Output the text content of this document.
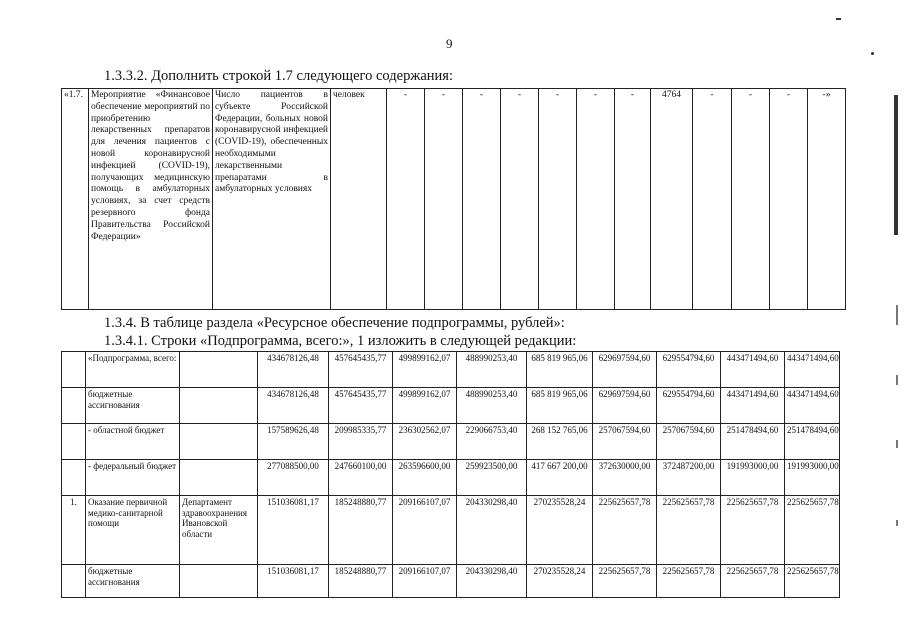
9
1.3.3.2. Дополнить строкой 1.7 следующего содержания:
«1.7.	Мероприятие «Финансовое обеспечение мероприятий по приобретению лекарственных препаратов для лечения пациентов с новой коронавирусной инфекцией (COVID-19), получающих медицинскую помощь в амбулаторных условиях, за счет средств резервного фонда Правительства Российской Федерации»	Число пациентов в субъекте Российской Федерации, больных новой коронавирусной инфекцией (COVID-19), обеспеченных необходимыми лекарственными препаратами в амбулаторных условиях	человек	-	-	-	-	-	-	-	4764	-	-	-	-»
1.3.4. В таблице раздела «Ресурсное обеспечение подпрограммы, рублей»:
1.3.4.1. Строки «Подпрограмма, всего:», 1 изложить в следующей редакции:
	«Подпрограмма, всего:		434678126,48	457645435,77	499899162,07	488990253,40	685 819 965,06	629697594,60	629554794,60	443471494,60	443471494,60
	бюджетные ассигнования		434678126,48	457645435,77	499899162,07	488990253,40	685 819 965,06	629697594,60	629554794,60	443471494,60	443471494,60
	- областной бюджет		157589626,48	209985335,77	236302562,07	229066753,40	268 152 765,06	257067594,60	257067594,60	251478494,60	251478494,60
	- федеральный бюджет		277088500,00	247660100,00	263596600,00	259923500,00	417 667 200,00	372630000,00	372487200,00	191993000,00	191993000,00
1.	Оказание первичной медико-санитарной помощи	Департамент здравоохранения Ивановской области	151036081,17	185248880,77	209166107,07	204330298,40	270235528,24	225625657,78	225625657,78	225625657,78	225625657,78
	бюджетные ассигнования		151036081,17	185248880,77	209166107,07	204330298,40	270235528,24	225625657,78	225625657,78	225625657,78	225625657,78
